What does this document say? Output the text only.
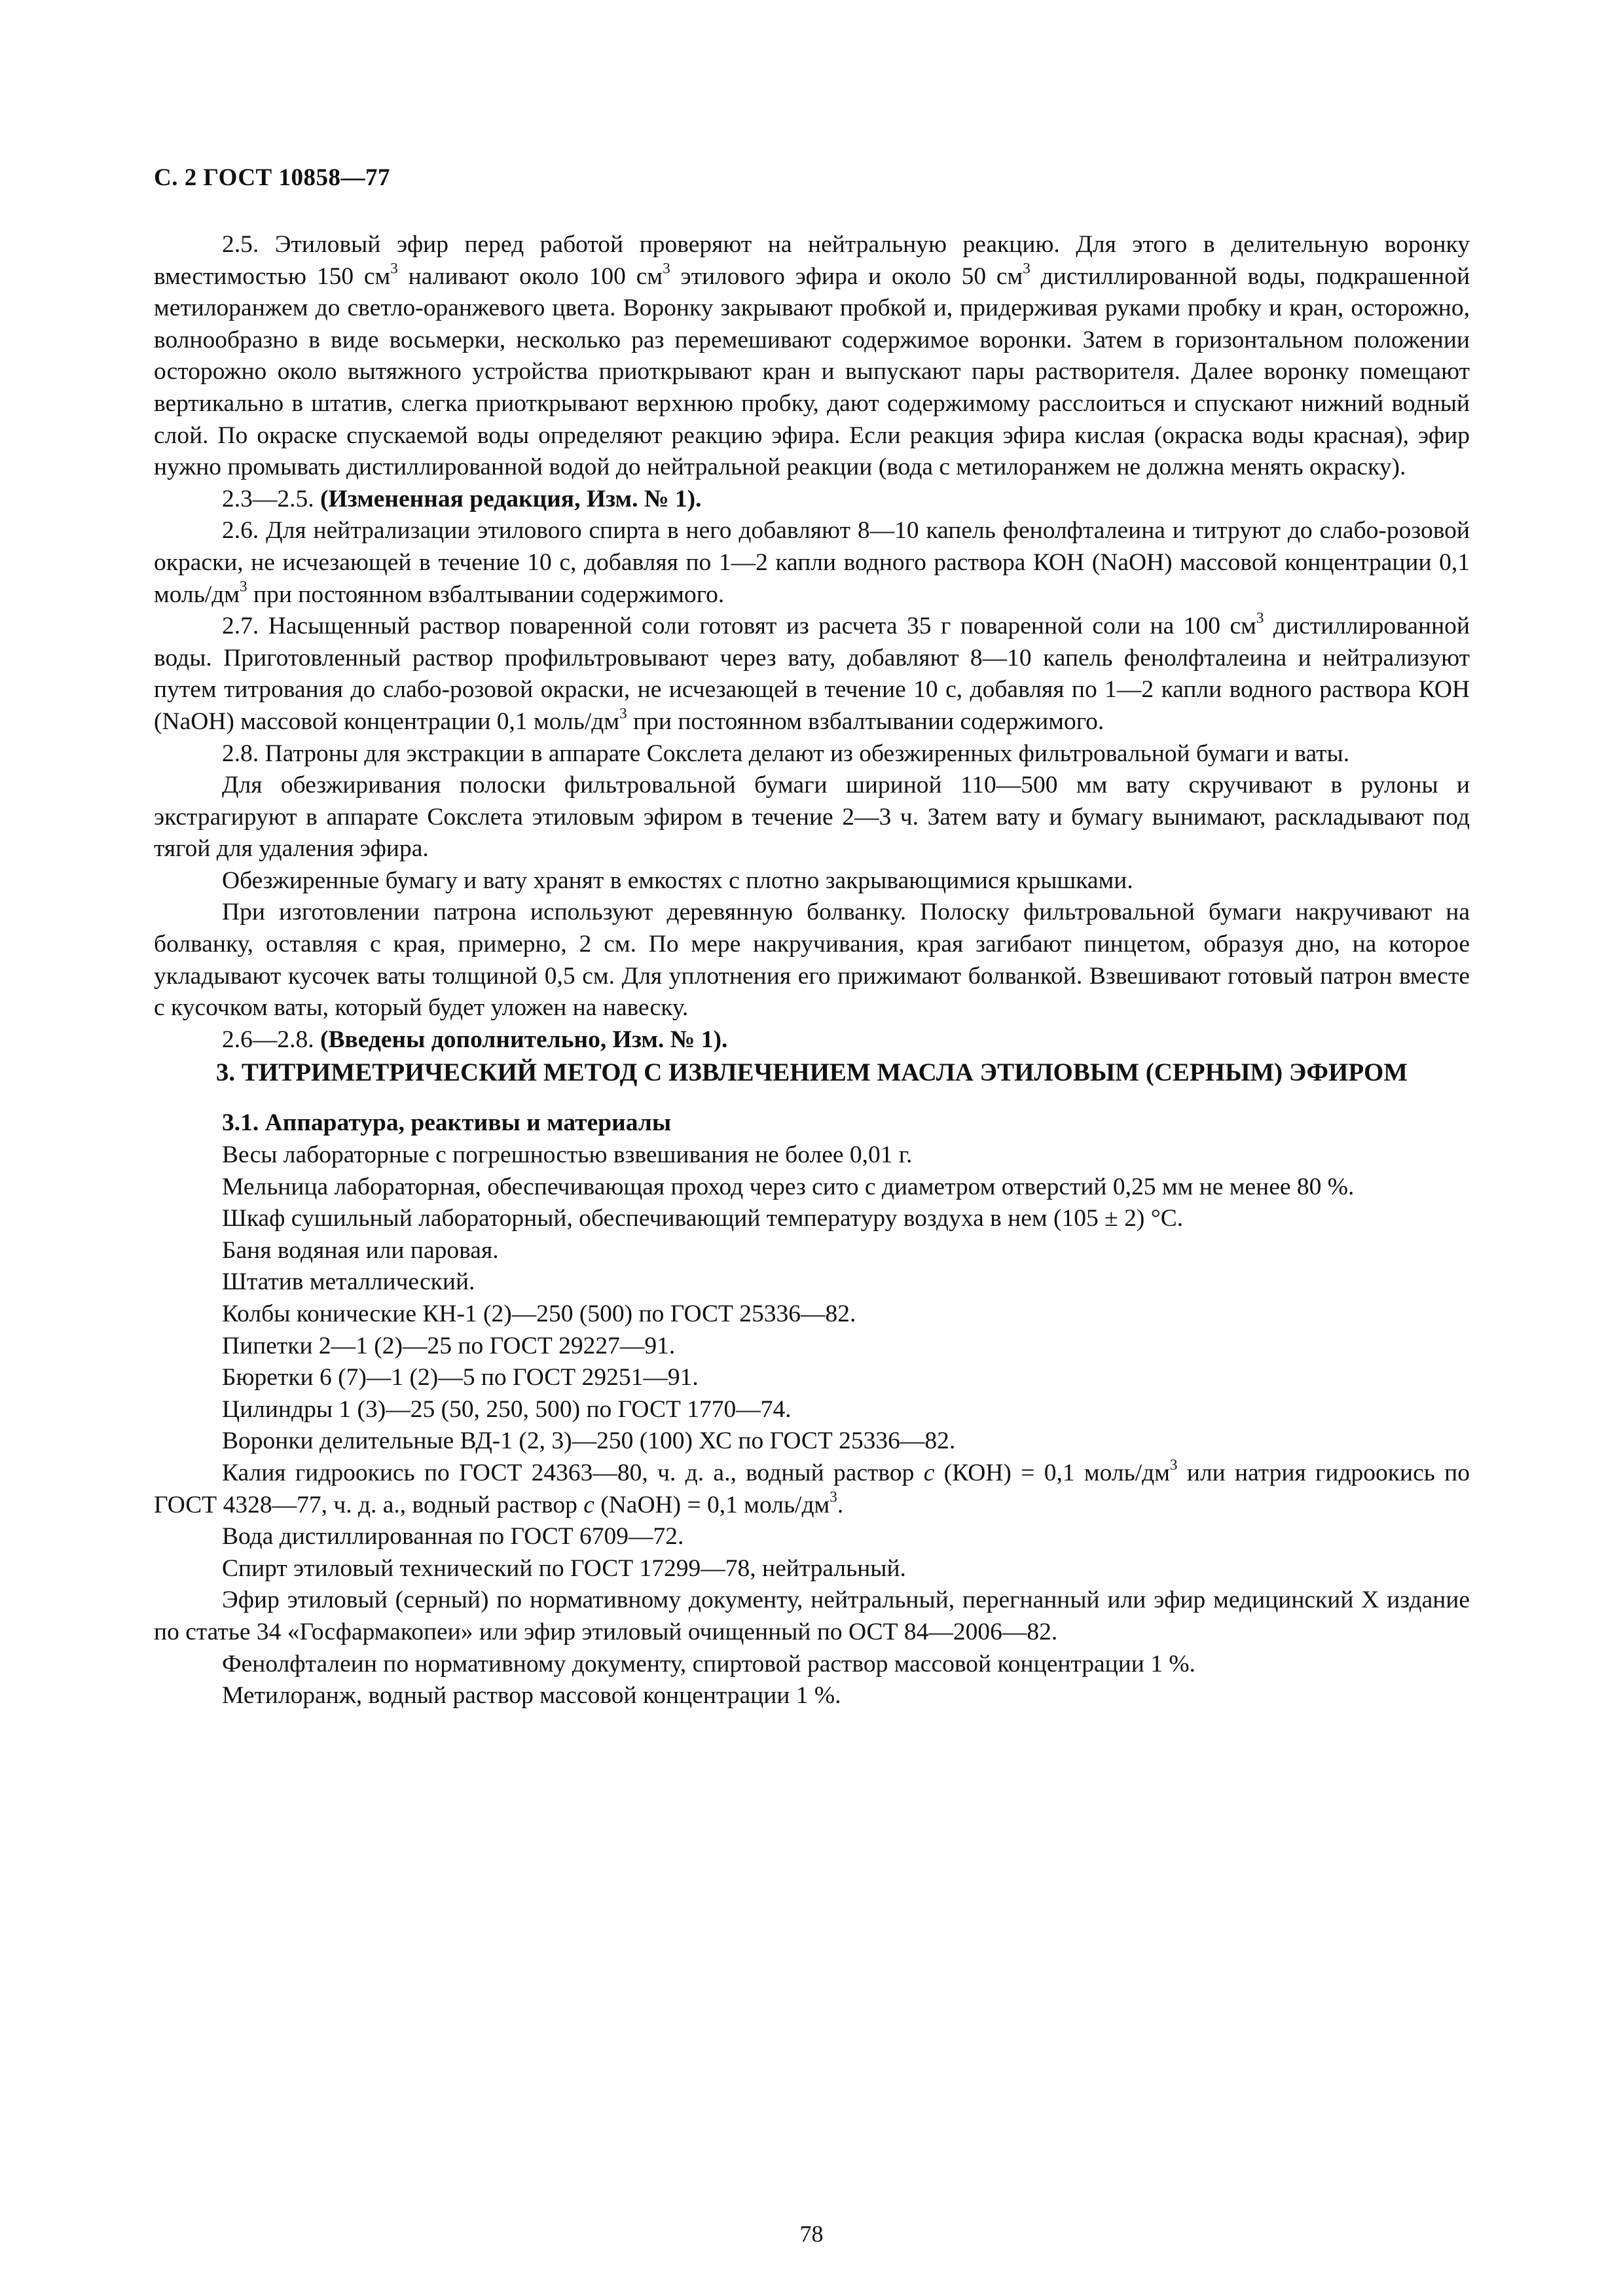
С. 2 ГОСТ 10858—77

2.5. Этиловый эфир перед работой проверяют на нейтральную реакцию. Для этого в делительную воронку вместимостью 150 $см^3$ наливают около 100 $см^3$ этилового эфира и около 50 $см^3$ дистиллированной воды, подкрашенной метилоранжем до светло-оранжевого цвета. Воронку закрывают пробкой и, придерживая руками пробку и кран, осторожно, волнообразно в виде восьмерки, несколько раз перемешивают содержимое воронки. Затем в горизонтальном положении осторожно около вытяжного устройства приоткрывают кран и выпускают пары растворителя. Далее воронку помещают вертикально в штатив, слегка приоткрывают верхнюю пробку, дают содержимому расслоиться и спускают нижний водный слой. По окраске спускаемой воды определяют реакцию эфира. Если реакция эфира кислая (окраска воды красная), эфир нужно промывать дистиллированной водой до нейтральной реакции (вода с метилоранжем не должна менять окраску).

2.3—2.5. (Измененная редакция, Изм. № 1).

2.6. Для нейтрализации этилового спирта в него добавляют 8—10 капель фенолфталеина и титруют до слабо-розовой окраски, не исчезающей в течение 10 с, добавляя по 1—2 капли водного раствора КОН (NaOH) массовой концентрации 0,1 моль/$дм^3$ при постоянном взбалтывании содержимого.

2.7. Насыщенный раствор поваренной соли готовят из расчета 35 г поваренной соли на 100 $см^3$ дистиллированной воды. Приготовленный раствор профильтровывают через вату, добавляют 8—10 капель фенолфталеина и нейтрализуют путем титрования до слабо-розовой окраски, не исчезающей в течение 10 с, добавляя по 1—2 капли водного раствора КОН (NaOH) массовой концентрации 0,1 моль/$дм^3$ при постоянном взбалтывании содержимого.

2.8. Патроны для экстракции в аппарате Сокслета делают из обезжиренных фильтровальной бумаги и ваты.

Для обезжиривания полоски фильтровальной бумаги шириной 110—500 мм вату скручивают в рулоны и экстрагируют в аппарате Сокслета этиловым эфиром в течение 2—3 ч. Затем вату и бумагу вынимают, раскладывают под тягой для удаления эфира.

Обезжиренные бумагу и вату хранят в емкостях с плотно закрывающимися крышками.

При изготовлении патрона используют деревянную болванку. Полоску фильтровальной бумаги накручивают на болванку, оставляя с края, примерно, 2 см. По мере накручивания, края загибают пинцетом, образуя дно, на которое укладывают кусочек ваты толщиной 0,5 см. Для уплотнения его прижимают болванкой. Взвешивают готовый патрон вместе с кусочком ваты, который будет уложен на навеску.

2.6—2.8. (Введены дополнительно, Изм. № 1).

3. ТИТРИМЕТРИЧЕСКИЙ МЕТОД С ИЗВЛЕЧЕНИЕМ МАСЛА ЭТИЛОВЫМ (СЕРНЫМ) ЭФИРОМ

3.1. Аппаратура, реактивы и материалы

Весы лабораторные с погрешностью взвешивания не более 0,01 г.

Мельница лабораторная, обеспечивающая проход через сито с диаметром отверстий 0,25 мм не менее 80 %.

Шкаф сушильный лабораторный, обеспечивающий температуру воздуха в нем (105 ± 2) °С.

Баня водяная или паровая.

Штатив металлический.

Колбы конические КН-1 (2)—250 (500) по ГОСТ 25336—82.

Пипетки 2—1 (2)—25 по ГОСТ 29227—91.

Бюретки 6 (7)—1 (2)—5 по ГОСТ 29251—91.

Цилиндры 1 (3)—25 (50, 250, 500) по ГОСТ 1770—74.

Воронки делительные ВД-1 (2, 3)—250 (100) ХС по ГОСТ 25336—82.

Калия гидроокись по ГОСТ 24363—80, ч. д. а., водный раствор c (КОН) = 0,1 моль/$дм^3$ или натрия гидроокись по ГОСТ 4328—77, ч. д. а., водный раствор c (NaOH) = 0,1 моль/$дм^3$.

Вода дистиллированная по ГОСТ 6709—72.

Спирт этиловый технический по ГОСТ 17299—78, нейтральный.

Эфир этиловый (серный) по нормативному документу, нейтральный, перегнанный или эфир медицинский X издание по статье 34 «Госфармакопеи» или эфир этиловый очищенный по ОСТ 84—2006—82.

Фенолфталеин по нормативному документу, спиртовой раствор массовой концентрации 1 %.

Метилоранж, водный раствор массовой концентрации 1 %.

78
